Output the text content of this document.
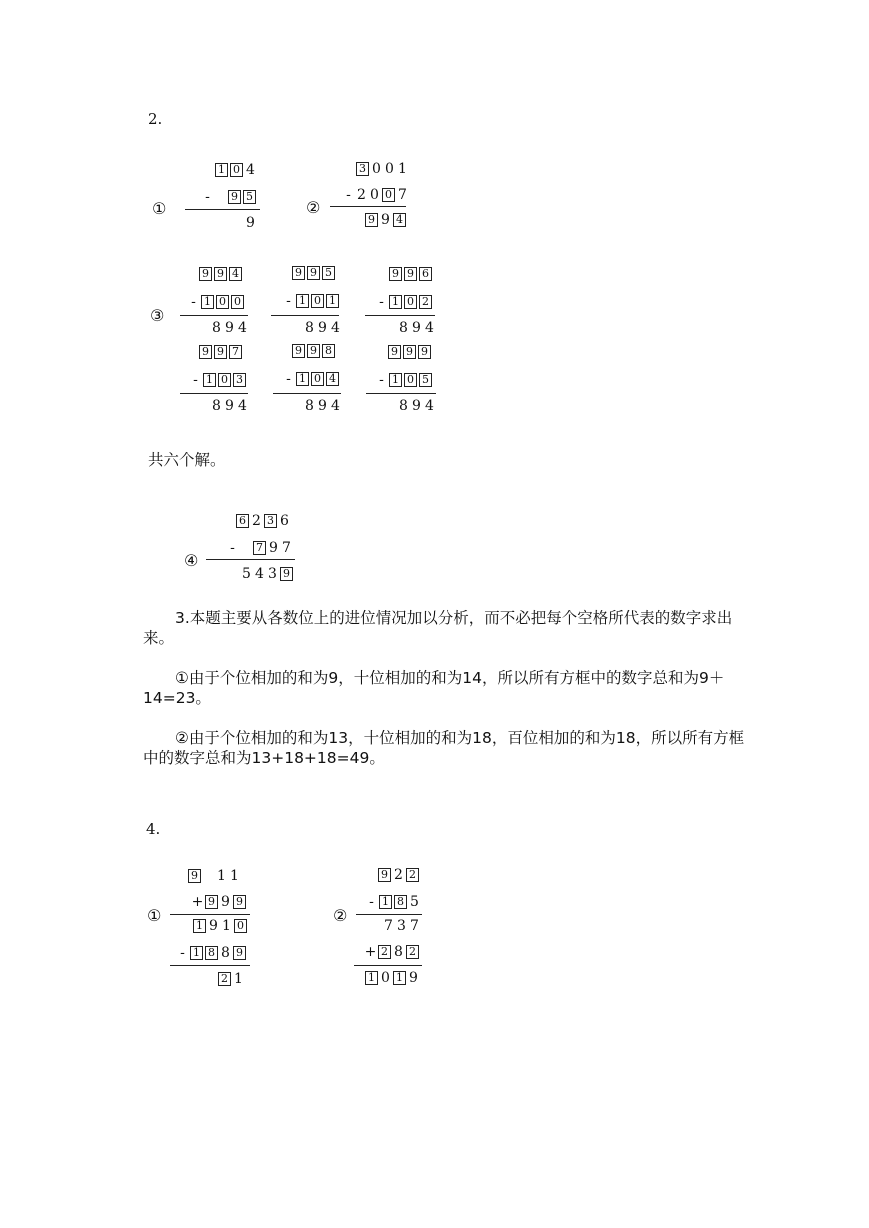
2.
1 0 4
①
-	9 5
9
3 0 0 1
②
- 2 0 0 7
9 9 4
③
9 9 4
- 1 0 0
8 9 4
9 9 5
- 1 0 1
8 9 4
9 9 6
- 1 0 2
8 9 4
9 9 7
- 1 0 3
8 9 4
9 9 8
- 1 0 4
8 9 4
9 9 9
- 1 0 5
8 9 4
共六个解。
6 2 3 6
④
-	7 9 7
5 4 3 9
3.本题主要从各数位上的进位情况加以分析，而不必把每个空格所代表的数字求出来。
①由于个位相加的和为9，十位相加的和为14，所以所有方框中的数字总和为9＋14=23。
②由于个位相加的和为13，十位相加的和为18，百位相加的和为18，所以所有方框中的数字总和为13+18+18=49。
4.
①
9 1 1
+ 9 9 9
1 9 1 0
- 1 8 8 9
2 1
②
9 2 2
- 1 8 5
7 3 7
+ 2 8 2
1 0 1 9
